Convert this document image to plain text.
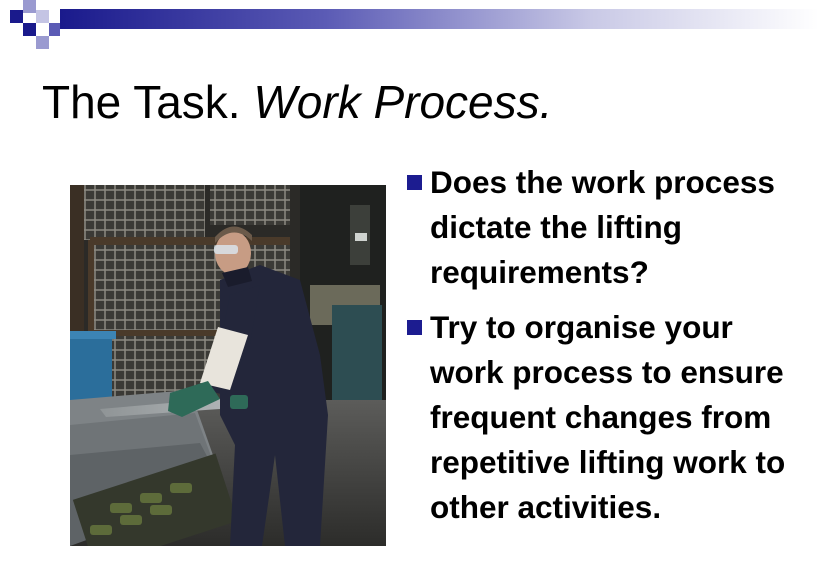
The Task. Work Process.
Does the work process dictate the lifting requirements?
Try to organise your work process to ensure frequent changes from repetitive lifting work to other activities.
